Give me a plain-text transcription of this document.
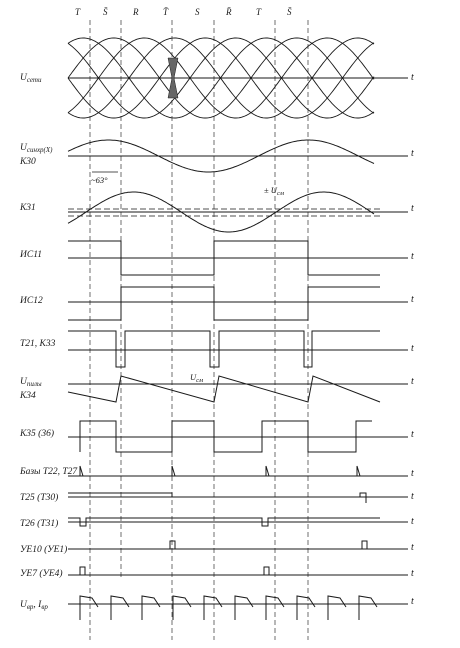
T	S̄	R	T̄	S	R̄	T	S̄
$U_{сети}$
$U_{синхр(Х)}$
К30
К31
ИС11
ИС12
Т21, К33
$U_{пилы}$
К34
К35 (36)
Базы Т22, Т27
Т25 (Т30)
Т26 (Т31)
УЕ10 (УЕ1)
УЕ7 (УЕ4)
$U_{вр}$, $I_{вр}$
t
t
t
t
t
t
t
t
t
t
t
t
t
t
~63°
± $U_{см}$
$U_{см}$
